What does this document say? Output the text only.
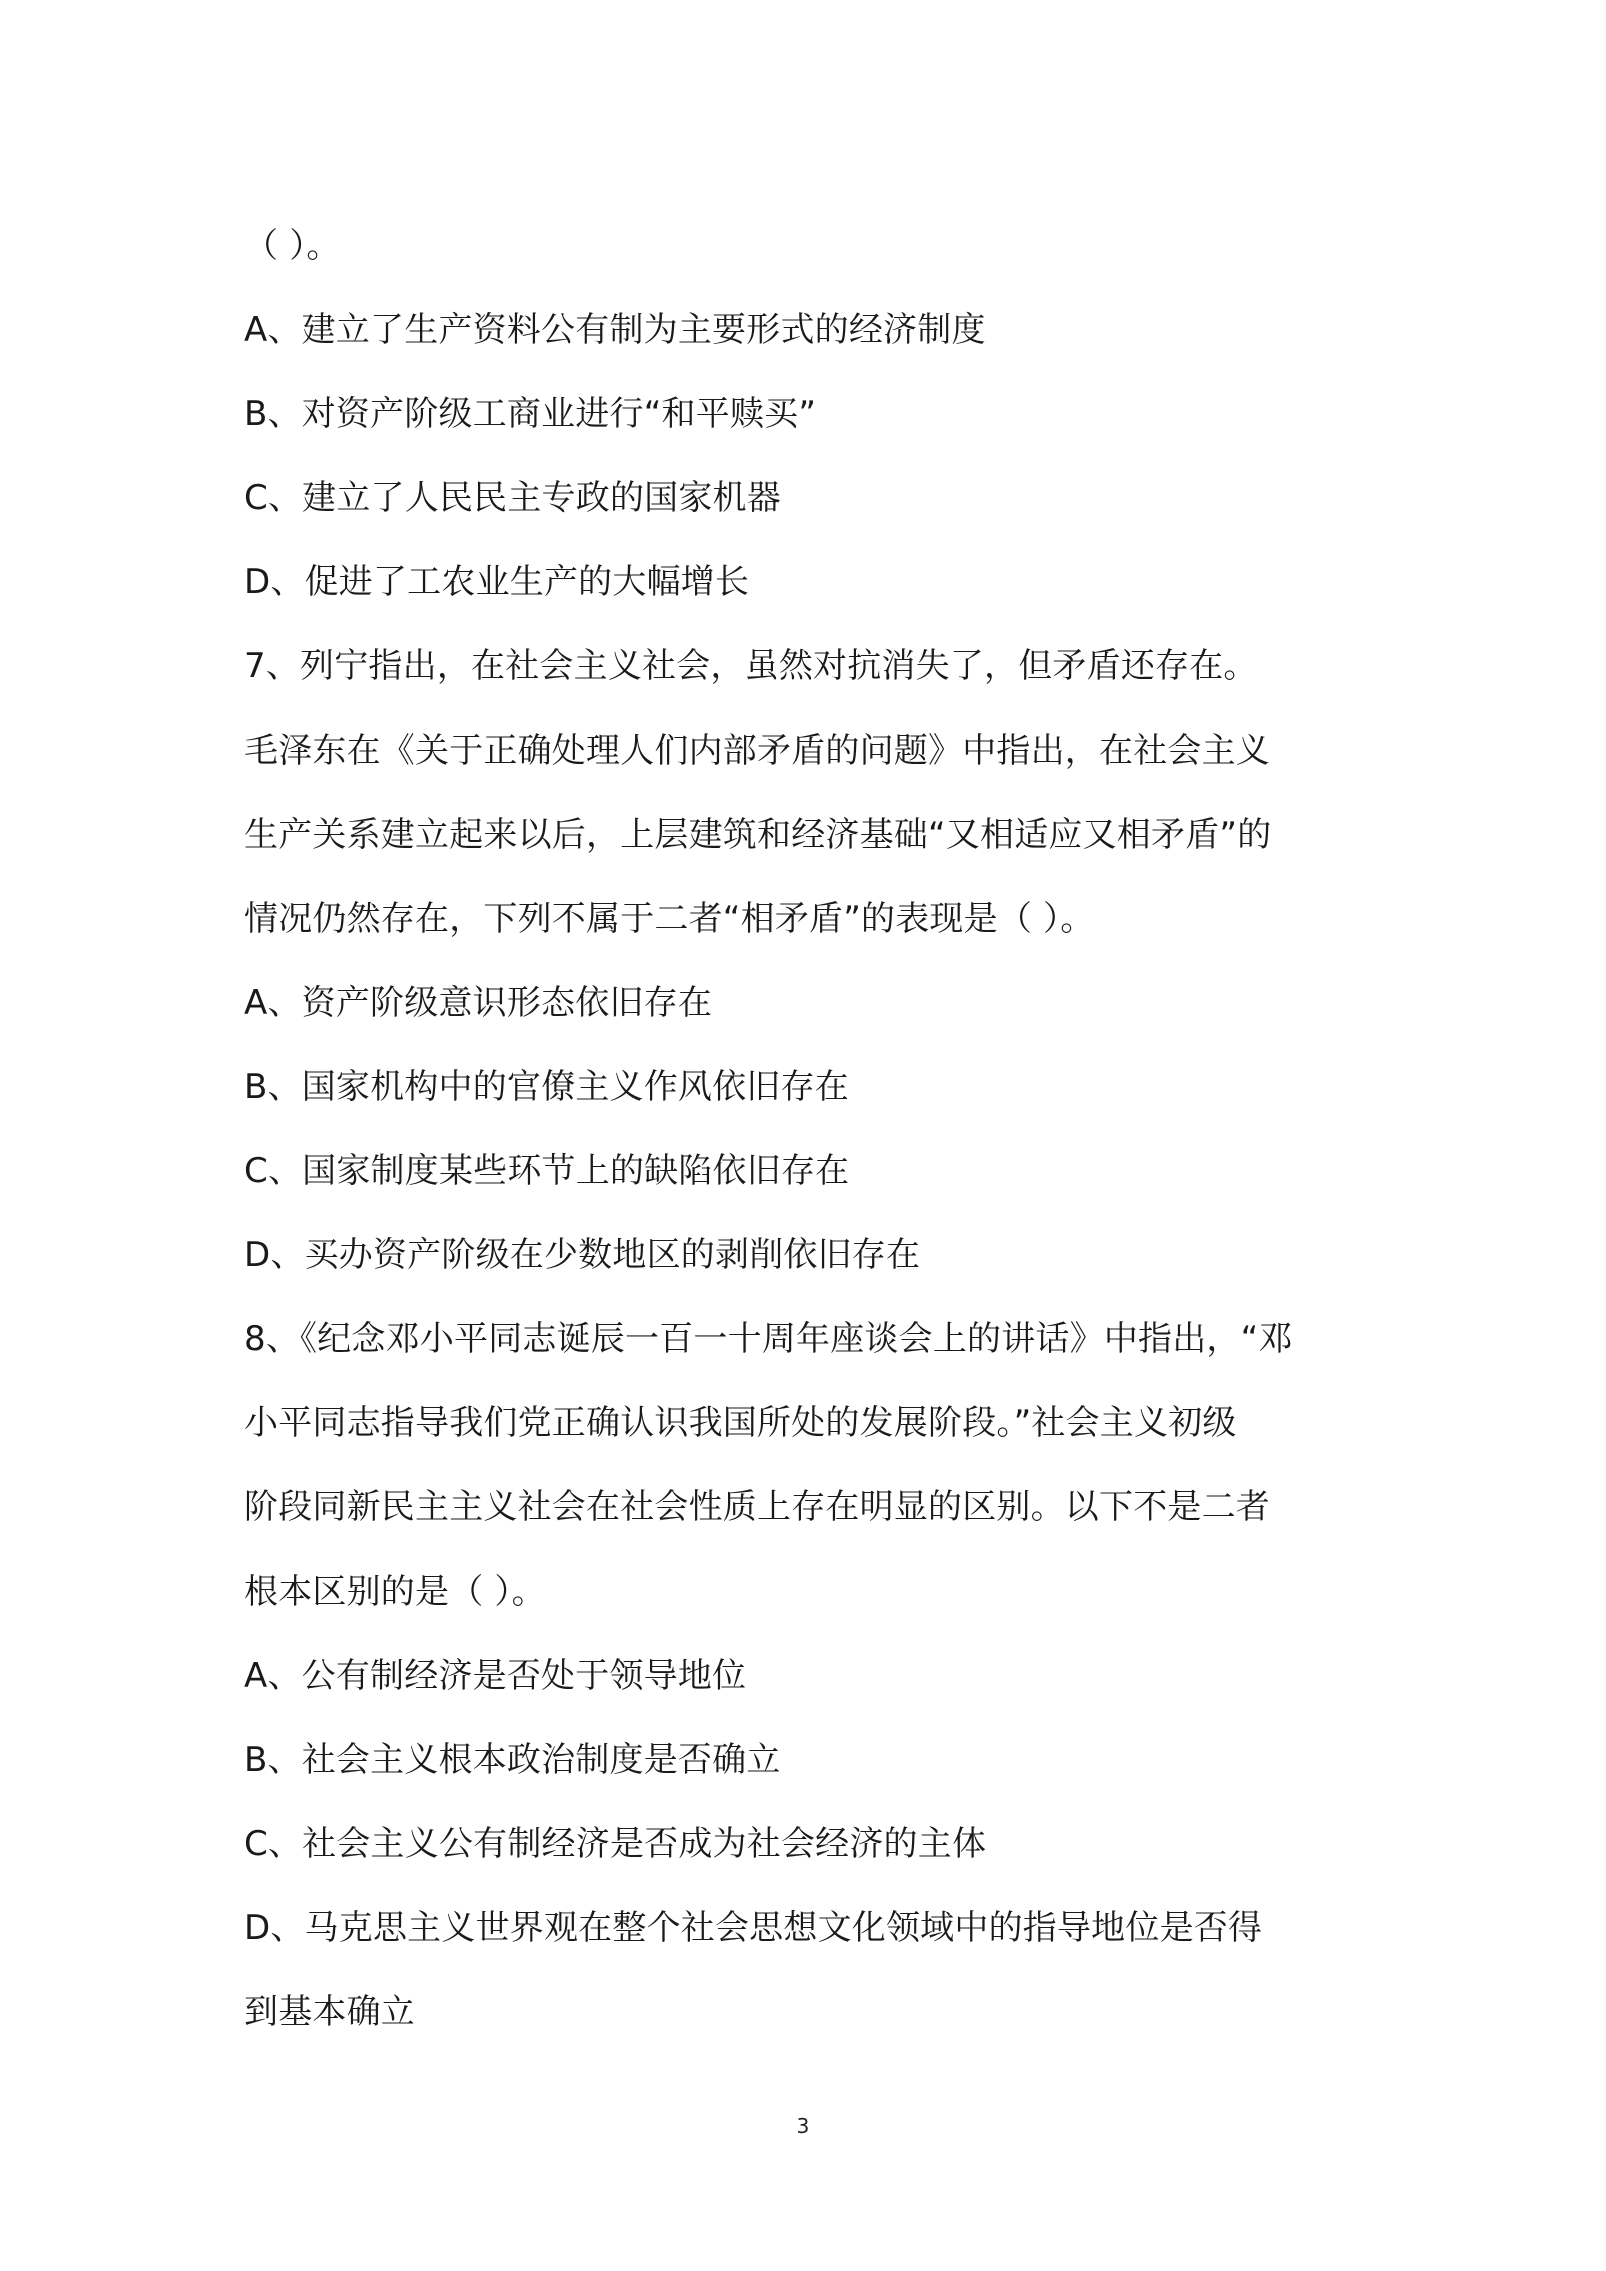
（ ）。
A、建立了生产资料公有制为主要形式的经济制度
B、对资产阶级工商业进行“和平赎买”
C、建立了人民民主专政的国家机器
D、促进了工农业生产的大幅增长
7、列宁指出，在社会主义社会，虽然对抗消失了，但矛盾还存在。
毛泽东在《关于正确处理人们内部矛盾的问题》中指出，在社会主义
生产关系建立起来以后，上层建筑和经济基础“又相适应又相矛盾”的
情况仍然存在，下列不属于二者“相矛盾”的表现是（ ）。
A、资产阶级意识形态依旧存在
B、国家机构中的官僚主义作风依旧存在
C、国家制度某些环节上的缺陷依旧存在
D、买办资产阶级在少数地区的剥削依旧存在
8、《纪念邓小平同志诞辰一百一十周年座谈会上的讲话》中指出，“邓
小平同志指导我们党正确认识我国所处的发展阶段。”社会主义初级
阶段同新民主主义社会在社会性质上存在明显的区别。以下不是二者
根本区别的是（ ）。
A、公有制经济是否处于领导地位
B、社会主义根本政治制度是否确立
C、社会主义公有制经济是否成为社会经济的主体
D、马克思主义世界观在整个社会思想文化领域中的指导地位是否得
到基本确立
3
